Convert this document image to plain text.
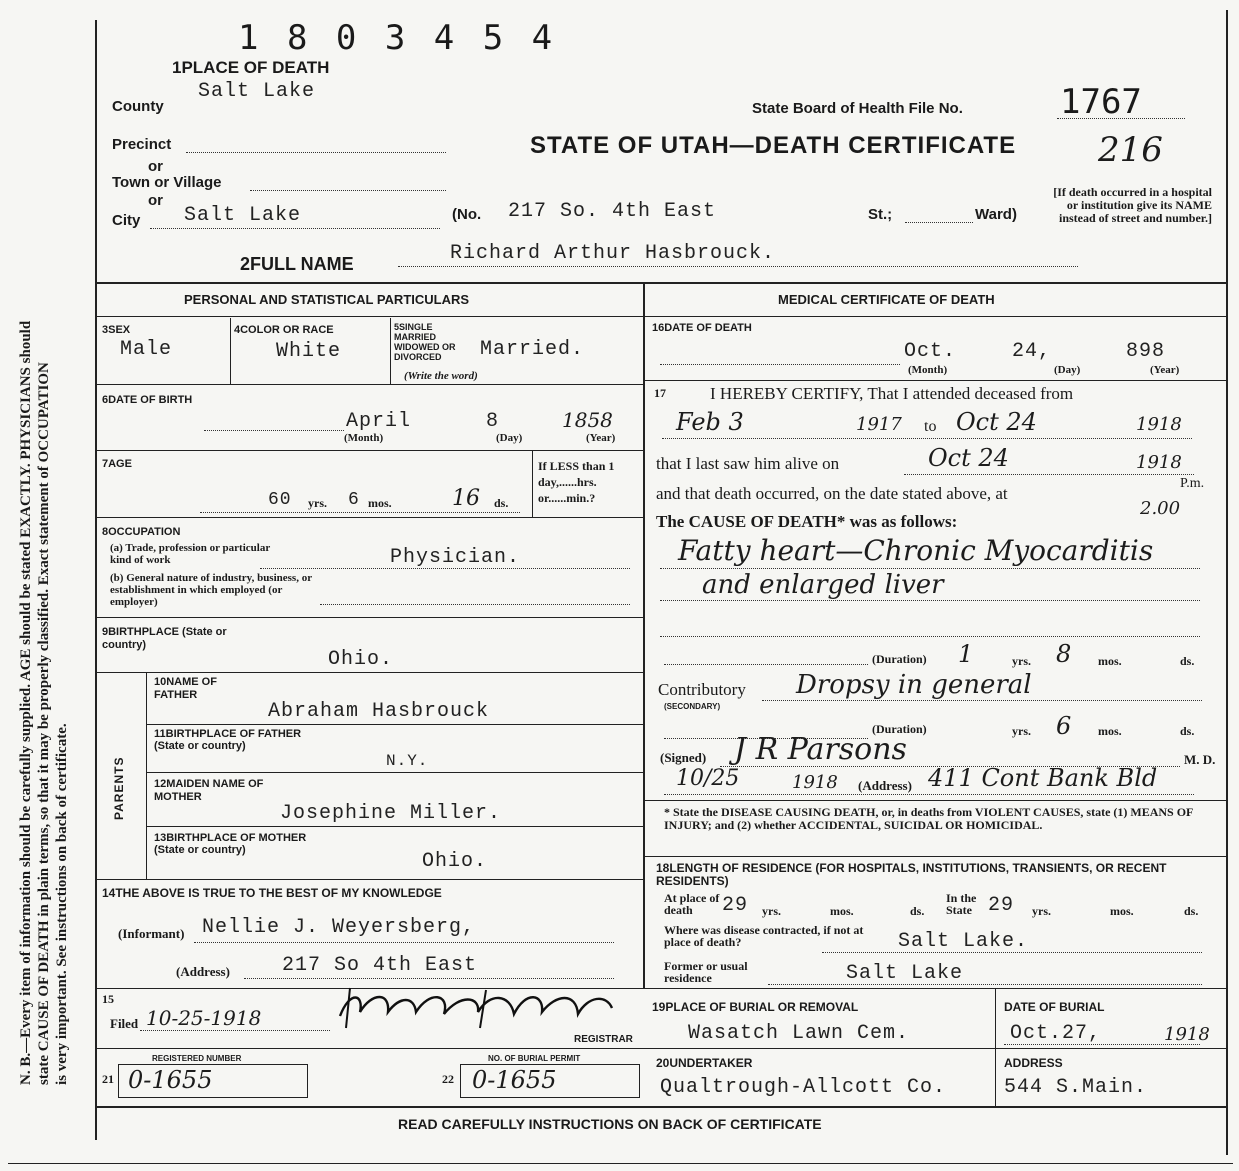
N. B.—Every item of information should be carefully supplied. AGE should be stated EXACTLY. PHYSICIANS should state CAUSE OF DEATH in plain terms, so that it may be properly classified. Exact statement of OCCUPATION is very important. See instructions on back of certificate.
1 8 0 3 4 5 4
1PLACE OF DEATH
County
Salt Lake
Precinct
or
Town or Village
or
City Salt Lake	(No. 217 So. 4th East	St.;	Ward)
State Board of Health File No.	1767
216
STATE OF UTAH—DEATH CERTIFICATE
[If death occurred in a hospital or institution give its NAME instead of street and number.]
2FULL NAME	Richard Arthur Hasbrouck.
PERSONAL AND STATISTICAL PARTICULARS	MEDICAL CERTIFICATE OF DEATH
3SEX
Male
4COLOR OR RACE
White
5SINGLE MARRIED WIDOWED OR DIVORCED
(Write the word)
Married.
6DATE OF BIRTH
April	8	1858
(Month)	(Day)	(Year)
7AGE
60 yrs. 6 mos.	16 ds.
If LESS than 1 day,......hrs. or......min.?
8OCCUPATION
(a) Trade, profession or particular kind of work	Physician.
(b) General nature of industry, business, or establishment in which employed (or employer)
9BIRTHPLACE (State or country)
Ohio.
PARENTS
10NAME OF FATHER
Abraham Hasbrouck
11BIRTHPLACE OF FATHER (State or country)
N.Y.
12MAIDEN NAME OF MOTHER
Josephine Miller.
13BIRTHPLACE OF MOTHER (State or country)	Ohio.
14THE ABOVE IS TRUE TO THE BEST OF MY KNOWLEDGE
(Informant) Nellie J. Weyersberg,
(Address)	217 So 4th East
15
Filed 10-25-1918
REGISTRAR
REGISTERED NUMBER
21 0-1655
NO. OF BURIAL PERMIT
22 0-1655
16DATE OF DEATH
Oct.	24,	898
(Month)	(Day)	(Year)
17	I HEREBY CERTIFY, That I attended deceased from
Feb 3	1917 to Oct 24	1918
that I last saw him alive on	Oct 24	1918
and that death occurred, on the date stated above, at
P.m.
2.00
The CAUSE OF DEATH* was as follows:
Fatty heart—Chronic Myocarditis
and enlarged liver
(Duration) 1	yrs. 8 mos.	ds.
Contributory
(SECONDARY)
Dropsy in general
(Duration)	yrs. 6 mos.	ds.
(Signed) J R Parsons	M. D.
10/25	1918 (Address) 411 Cont Bank Bld
* State the DISEASE CAUSING DEATH, or, in deaths from VIOLENT CAUSES, state (1) MEANS OF INJURY; and (2) whether ACCIDENTAL, SUICIDAL OR HOMICIDAL.
18LENGTH OF RESIDENCE (FOR HOSPITALS, INSTITUTIONS, TRANSIENTS, OR RECENT RESIDENTS)
At place of death	29 yrs.	mos.	ds.
In the State 29 yrs.	mos.	ds.
Where was disease contracted, if not at place of death?	Salt Lake.
Former or usual residence	Salt Lake
19PLACE OF BURIAL OR REMOVAL
Wasatch Lawn Cem.
DATE OF BURIAL
Oct.27,	1918
20UNDERTAKER
Qualtrough-Allcott Co.
ADDRESS
544 S.Main.
READ CAREFULLY INSTRUCTIONS ON BACK OF CERTIFICATE
